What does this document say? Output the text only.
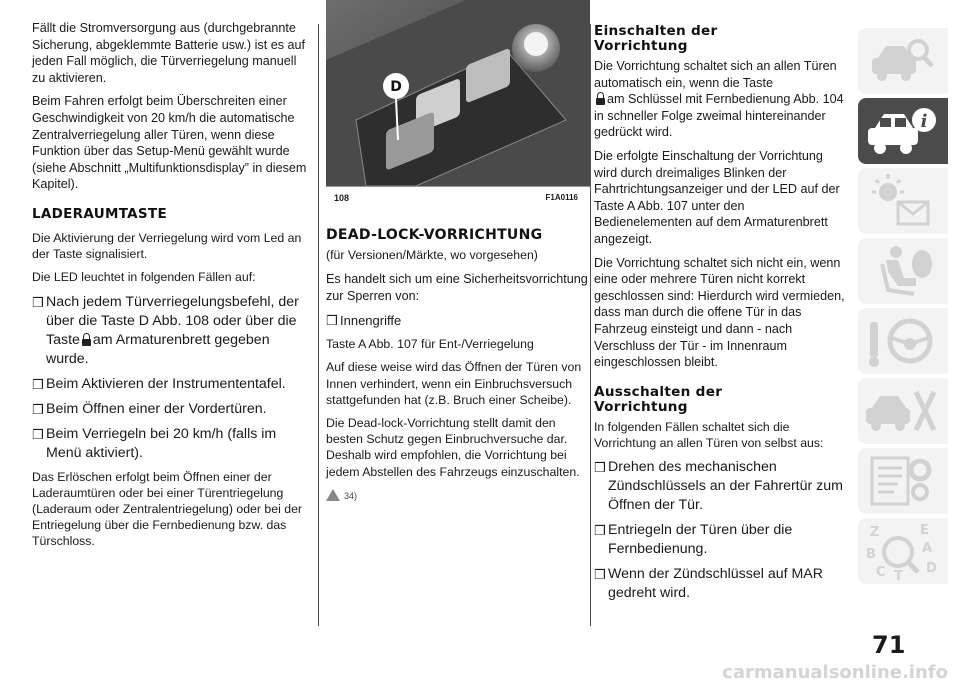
Fällt die Stromversorgung aus (durchgebrannte Sicherung, abgeklemmte Batterie usw.) ist es auf jeden Fall möglich, die Türverriegelung manuell zu aktivieren.

Beim Fahren erfolgt beim Überschreiten einer Geschwindigkeit von 20 km/h die automatische Zentralverriegelung aller Türen, wenn diese Funktion über das Setup-Menü gewählt wurde (siehe Abschnitt „Multifunktionsdisplay” in diesem Kapitel).

LADERAUMTASTE

Die Aktivierung der Verriegelung wird vom Led an der Taste signalisiert.

Die LED leuchtet in folgenden Fällen auf:

❒ Nach jedem Türverriegelungsbefehl, der über die Taste D Abb. 108 oder über die Taste am Armaturenbrett gegeben wurde.
❒ Beim Aktivieren der Instrumententafel.
❒ Beim Öffnen einer der Vordertüren.
❒ Beim Verriegeln bei 20 km/h (falls im Menü aktiviert).

Das Erlöschen erfolgt beim Öffnen einer der Laderaumtüren oder bei einer Türentriegelung (Laderaum oder Zentralentriegelung) oder bei der Entriegelung über die Fernbedienung bzw. das Türschloss.

D
108	F1A0116
DEAD-LOCK-VORRICHTUNG

(für Versionen/Märkte, wo vorgesehen)

Es handelt sich um eine Sicherheitsvorrichtung zur Sperren von:

❒ Innengriffe

Taste A Abb. 107 für Ent-/Verriegelung

Auf diese weise wird das Öffnen der Türen von Innen verhindert, wenn ein Einbruchsversuch stattgefunden hat (z.B. Bruch einer Scheibe).

Die Dead-lock-Vorrichtung stellt damit den besten Schutz gegen Einbruchversuche dar. Deshalb wird empfohlen, die Vorrichtung bei jedem Abstellen des Fahrzeugs einzuschalten.

34)

Einschalten der
Vorrichtung

Die Vorrichtung schaltet sich an allen Türen automatisch ein, wenn die Taste
am Schlüssel mit Fernbedienung Abb. 104 in schneller Folge zweimal hintereinander gedrückt wird.

Die erfolgte Einschaltung der Vorrichtung wird durch dreimaliges Blinken der Fahrtrichtungsanzeiger und der LED auf der Taste A Abb. 107 unter den Bedienelementen auf dem Armaturenbrett angezeigt.

Die Vorrichtung schaltet sich nicht ein, wenn eine oder mehrere Türen nicht korrekt geschlossen sind: Hierdurch wird vermieden, dass man durch die offene Tür in das Fahrzeug einsteigt und dann - nach Verschluss der Tür - im Innenraum eingeschlossen bleibt.

Ausschalten der
Vorrichtung

In folgenden Fällen schaltet sich die Vorrichtung an allen Türen von selbst aus:

❒ Drehen des mechanischen Zündschlüssels an der Fahrertür zum Öffnen der Tür.
❒ Entriegeln der Türen über die Fernbedienung.
❒ Wenn der Zündschlüssel auf MAR gedreht wird.
i
Z	E
A
B
C	D
T
71
carmanualsonline.info
